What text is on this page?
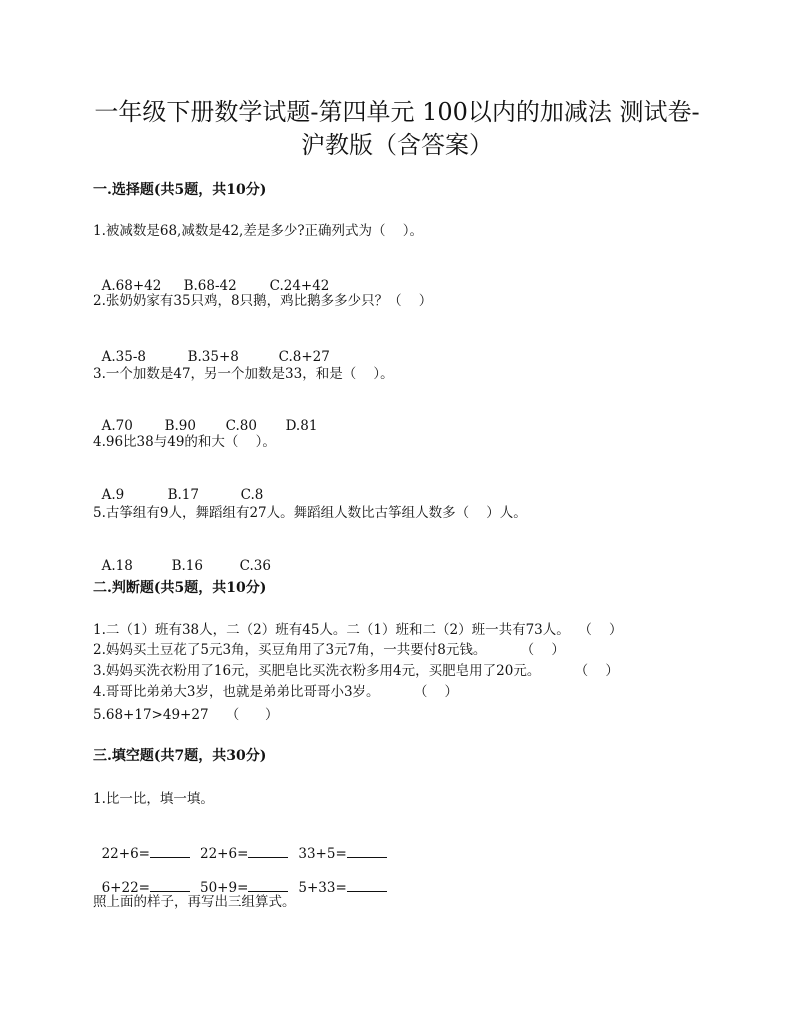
一年级下册数学试题-第四单元 100以内的加减法 测试卷-
沪教版（含答案）

一.选择题(共5题，共10分)

1.被减数是68,减数是42,差是多少?正确列式为（    ）。

A.68+42 B.68-42 C.24+42

2.张奶奶家有35只鸡，8只鹅，鸡比鹅多多少只？（    ）

A.35-8	B.35+8	C.8+27

3.一个加数是47，另一个加数是33，和是（    ）。

A.70 B.90 C.80 D.81

4.96比38与49的和大（    ）。

A.9	B.17	C.8

5.古筝组有9人，舞蹈组有27人。舞蹈组人数比古筝组人数多（    ）人。

A.18	B.16	C.36

二.判断题(共5题，共10分)

1.二（1）班有38人，二（2）班有45人。二（1）班和二（2）班一共有73人。  （    ）

2.妈妈买土豆花了5元3角，买豆角用了3元7角，一共要付8元钱。        （    ）

3.妈妈买洗衣粉用了16元，买肥皂比买洗衣粉多用4元，买肥皂用了20元。        （    ）

4.哥哥比弟弟大3岁，也就是弟弟比哥哥小3岁。        （    ）

5.68+17>49+27    （      ）

三.填空题(共7题，共30分)

1.比一比，填一填。

22+6=	22+6=	33+5=

6+22=	50+9=	5+33=

照上面的样子，再写出三组算式。
